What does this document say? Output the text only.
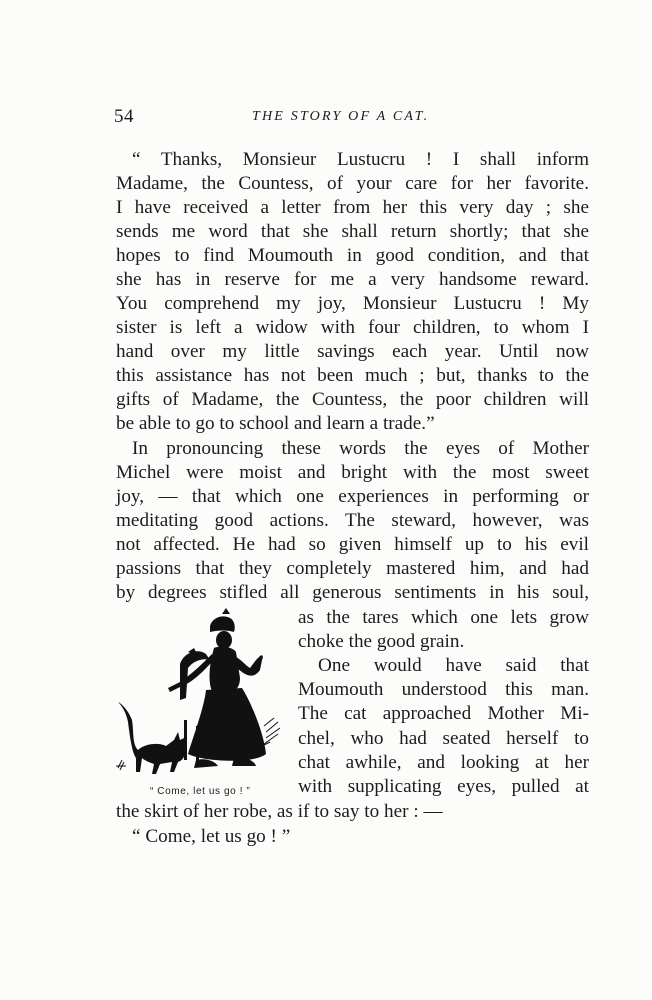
54	THE STORY OF A CAT.
“ Thanks, Monsieur Lustucru ! I shall inform
Madame, the Countess, of your care for her favorite.
I have received a letter from her this very day ; she
sends me word that she shall return shortly; that she
hopes to find Moumouth in good condition, and that
she has in reserve for me a very handsome reward.
You comprehend my joy, Monsieur Lustucru ! My
sister is left a widow with four children, to whom I
hand over my little savings each year. Until now
this assistance has not been much ; but, thanks to the
gifts of Madame, the Countess, the poor children will
be able to go to school and learn a trade.”
In pronouncing these words the eyes of Mother
Michel were moist and bright with the most sweet
joy, — that which one experiences in performing or
meditating good actions. The steward, however, was
not affected. He had so given himself up to his evil
passions that they completely mastered him, and had
by degrees stifled all generous sentiments in his soul,
as the tares which one lets grow
choke the good grain.
One would have said that
Moumouth understood this man.
The cat approached Mother Mi-
chel, who had seated herself to
chat awhile, and looking at her
with supplicating eyes, pulled at
the skirt of her robe, as if to say to her : —
“ Come, let us go ! ”
“ Come, let us go ! ”
